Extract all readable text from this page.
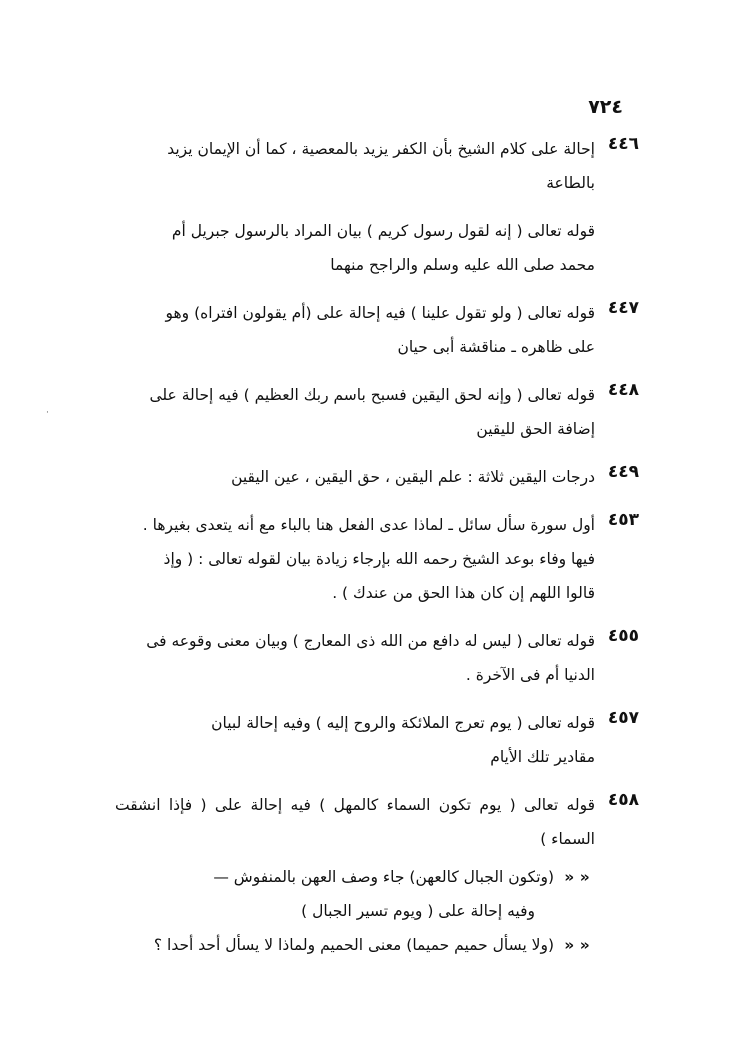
٧٢٤
٤٤٦
إحالة على كلام الشيخ بأن الكفر يزيد بالمعصية ، كما أن الإيمان يزيد
بالطاعة
قوله تعالى ( إنه لقول رسول كريم ) بيان المراد بالرسول جبريل أم
محمد صلى الله عليه وسلم والراجح منهما
٤٤٧
قوله تعالى ( ولو تقول علينا ) فيه إحالة على (أم يقولون افتراه) وهو
على ظاهره ـ مناقشة أبى حيان
٤٤٨
قوله تعالى ( وإنه لحق اليقين فسبح باسم ربك العظيم ) فيه إحالة على
إضافة الحق لليقين
٤٤٩
درجات اليقين ثلاثة : علم اليقين ، حق اليقين ، عين اليقين
٤٥٣
أول سورة سأل سائل ـ لماذا عدى الفعل هنا بالباء مع أنه يتعدى بغيرها .
فيها وفاء بوعد الشيخ رحمه الله بإرجاء زيادة بيان لقوله تعالى : ( وإذ
قالوا اللهم إن كان هذا الحق من عندك ) .
٤٥٥
قوله تعالى ( ليس له دافع من الله ذى المعارج ) وبيان معنى وقوعه فى
الدنيا أم فى الآخرة .
٤٥٧
قوله تعالى ( يوم تعرج الملائكة والروح إليه ) وفيه إحالة لبيان
مقادير تلك الأيام
٤٥٨
قوله تعالى ( يوم تكون السماء كالمهل ) فيه إحالة على ( فإذا انشقت السماء )
« « (وتكون الجبال كالعهن) جاء وصف العهن بالمنفوش —
وفيه إحالة على ( ويوم تسير الجبال )
« « (ولا يسأل حميم حميما) معنى الحميم ولماذا لا يسأل أحد أحدا ؟
·
